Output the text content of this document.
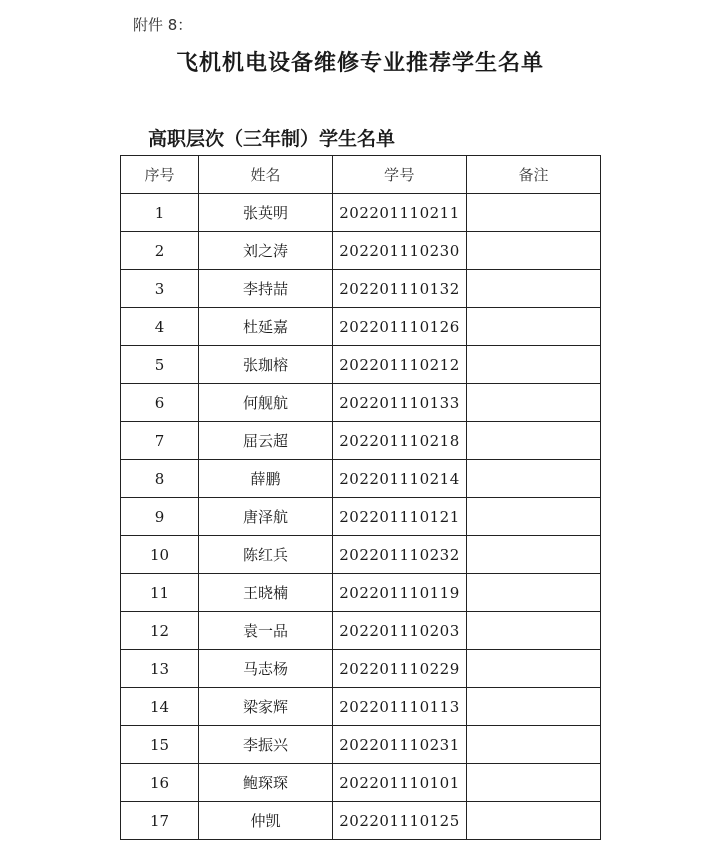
附件 8：
飞机机电设备维修专业推荐学生名单
高职层次（三年制）学生名单
序号	姓名	学号	备注
1	张英明	202201110211	
2	刘之涛	202201110230	
3	李持喆	202201110132	
4	杜延嘉	202201110126	
5	张珈榕	202201110212	
6	何舰航	202201110133	
7	屈云超	202201110218	
8	薛鹏	202201110214	
9	唐泽航	202201110121	
10	陈红兵	202201110232	
11	王晓楠	202201110119	
12	袁一品	202201110203	
13	马志杨	202201110229	
14	梁家辉	202201110113	
15	李振兴	202201110231	
16	鲍琛琛	202201110101	
17	仲凯	202201110125	
